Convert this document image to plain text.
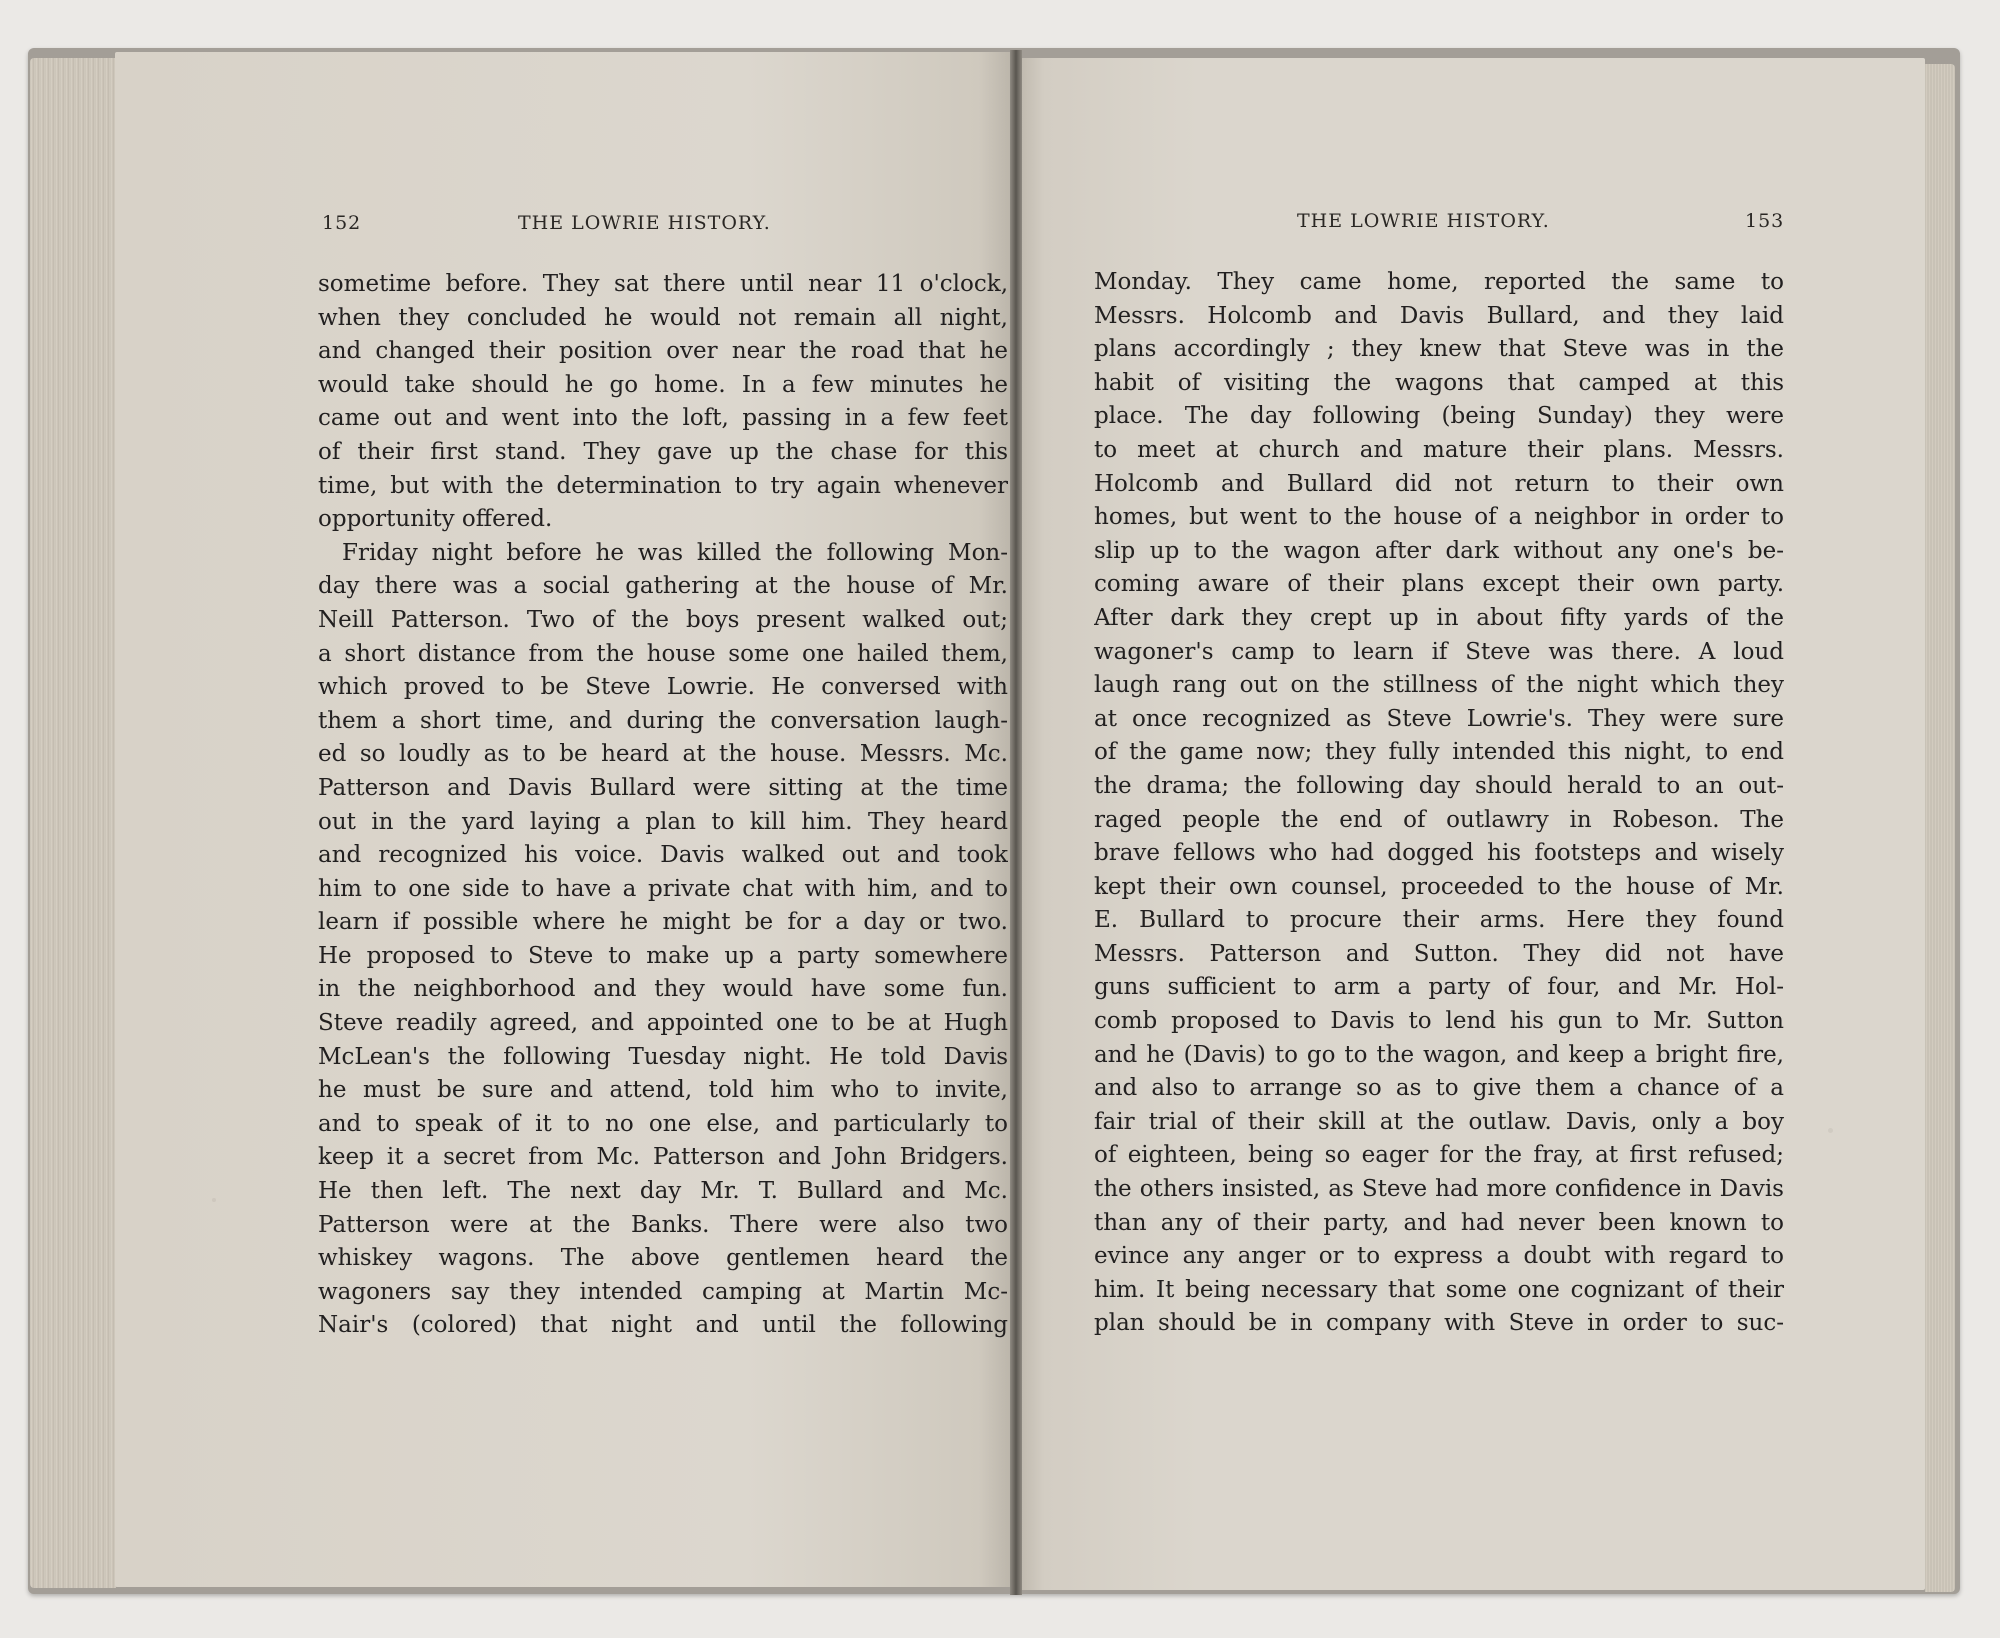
152	THE LOWRIE HISTORY.	THE LOWRIE HISTORY.	153
sometime before. They sat there until near 11 o'clock,
when they concluded he would not remain all night,
and changed their position over near the road that he
would take should he go home. In a few minutes he
came out and went into the loft, passing in a few feet
of their first stand. They gave up the chase for this
time, but with the determination to try again whenever
opportunity offered.
Friday night before he was killed the following Mon-
day there was a social gathering at the house of Mr.
Neill Patterson. Two of the boys present walked out;
a short distance from the house some one hailed them,
which proved to be Steve Lowrie. He conversed with
them a short time, and during the conversation laugh-
ed so loudly as to be heard at the house. Messrs. Mc.
Patterson and Davis Bullard were sitting at the time
out in the yard laying a plan to kill him. They heard
and recognized his voice. Davis walked out and took
him to one side to have a private chat with him, and to
learn if possible where he might be for a day or two.
He proposed to Steve to make up a party somewhere
in the neighborhood and they would have some fun.
Steve readily agreed, and appointed one to be at Hugh
McLean's the following Tuesday night. He told Davis
he must be sure and attend, told him who to invite,
and to speak of it to no one else, and particularly to
keep it a secret from Mc. Patterson and John Bridgers.
He then left. The next day Mr. T. Bullard and Mc.
Patterson were at the Banks. There were also two
whiskey wagons. The above gentlemen heard the
wagoners say they intended camping at Martin Mc-
Nair's (colored) that night and until the following
Monday. They came home, reported the same to
Messrs. Holcomb and Davis Bullard, and they laid
plans accordingly ; they knew that Steve was in the
habit of visiting the wagons that camped at this
place. The day following (being Sunday) they were
to meet at church and mature their plans. Messrs.
Holcomb and Bullard did not return to their own
homes, but went to the house of a neighbor in order to
slip up to the wagon after dark without any one's be-
coming aware of their plans except their own party.
After dark they crept up in about fifty yards of the
wagoner's camp to learn if Steve was there. A loud
laugh rang out on the stillness of the night which they
at once recognized as Steve Lowrie's. They were sure
of the game now; they fully intended this night, to end
the drama; the following day should herald to an out-
raged people the end of outlawry in Robeson. The
brave fellows who had dogged his footsteps and wisely
kept their own counsel, proceeded to the house of Mr.
E. Bullard to procure their arms. Here they found
Messrs. Patterson and Sutton. They did not have
guns sufficient to arm a party of four, and Mr. Hol-
comb proposed to Davis to lend his gun to Mr. Sutton
and he (Davis) to go to the wagon, and keep a bright fire,
and also to arrange so as to give them a chance of a
fair trial of their skill at the outlaw. Davis, only a boy
of eighteen, being so eager for the fray, at first refused;
the others insisted, as Steve had more confidence in Davis
than any of their party, and had never been known to
evince any anger or to express a doubt with regard to
him. It being necessary that some one cognizant of their
plan should be in company with Steve in order to suc-
